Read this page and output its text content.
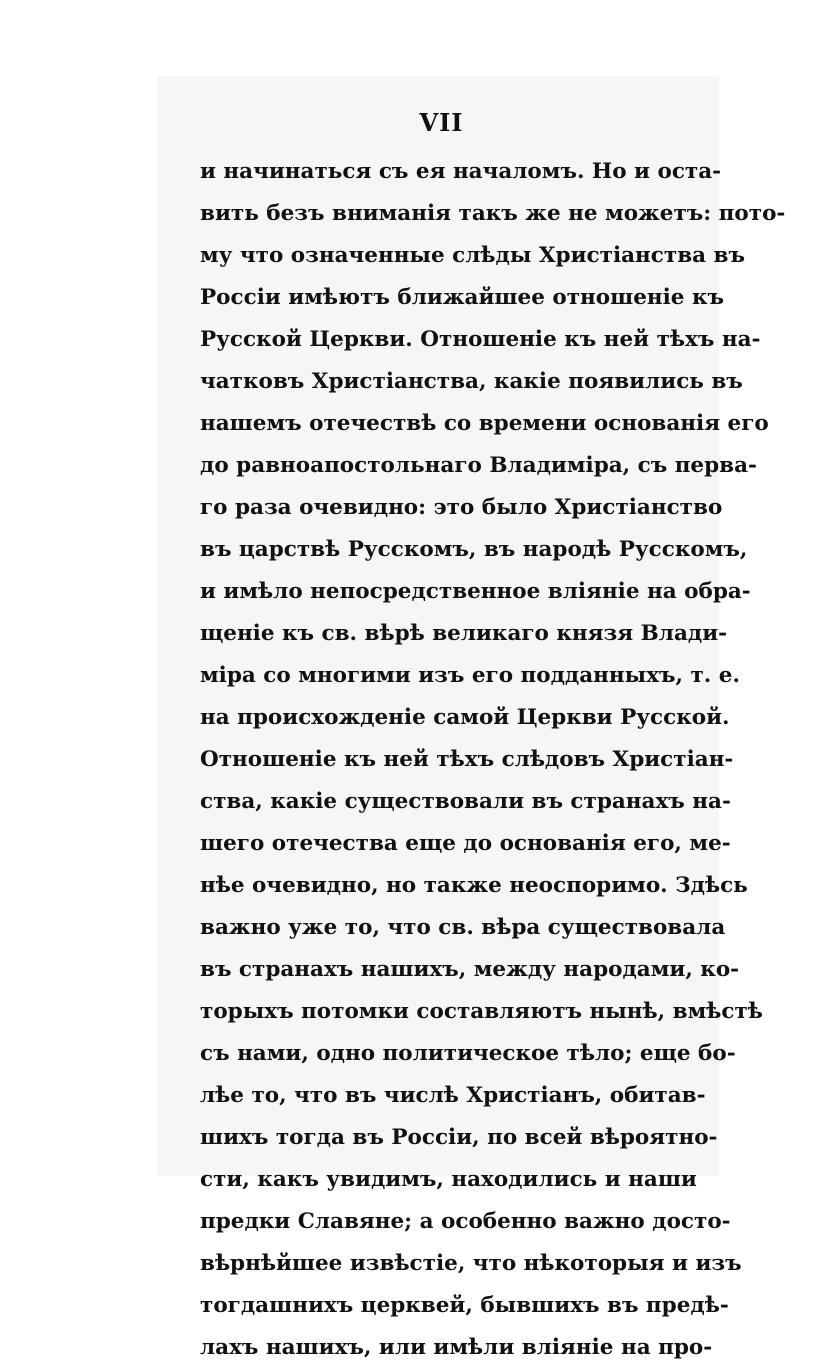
VII
и начинаться съ ея началомъ. Но и оста-
вить безъ вниманія такъ же не можетъ: пото-
му что означенные слѣды Христіанства въ
Россіи имѣютъ ближайшее отношеніе къ
Русской Церкви. Отношеніе къ ней тѣхъ на-
чатковъ Христіанства, какіе появились въ
нашемъ отечествѣ со времени основанія его
до равноапостольнаго Владиміра, съ перва-
го раза очевидно: это было Христіанство
въ царствѣ Русскомъ, въ народѣ Русскомъ,
и имѣло непосредственное вліяніе на обра-
щеніе къ св. вѣрѣ великаго князя Влади-
міра со многими изъ его подданныхъ, т. е.
на происхожденіе самой Церкви Русской.
Отношеніе къ ней тѣхъ слѣдовъ Христіан-
ства, какіе существовали въ странахъ на-
шего отечества еще до основанія его, ме-
нѣе очевидно, но также неоспоримо. Здѣсь
важно уже то, что св. вѣра существовала
въ странахъ нашихъ, между народами, ко-
торыхъ потомки составляютъ нынѣ, вмѣстѣ
съ нами, одно политическое тѣло; еще бо-
лѣе то, что въ числѣ Христіанъ, обитав-
шихъ тогда въ Россіи, по всей вѣроятно-
сти, какъ увидимъ, находились и наши
предки Славяне; а особенно важно досто-
вѣрнѣйшее извѣстіе, что нѣкоторыя и изъ
тогдашнихъ церквей, бывшихъ въ предѣ-
лахъ нашихъ, или имѣли вліяніе на про-
